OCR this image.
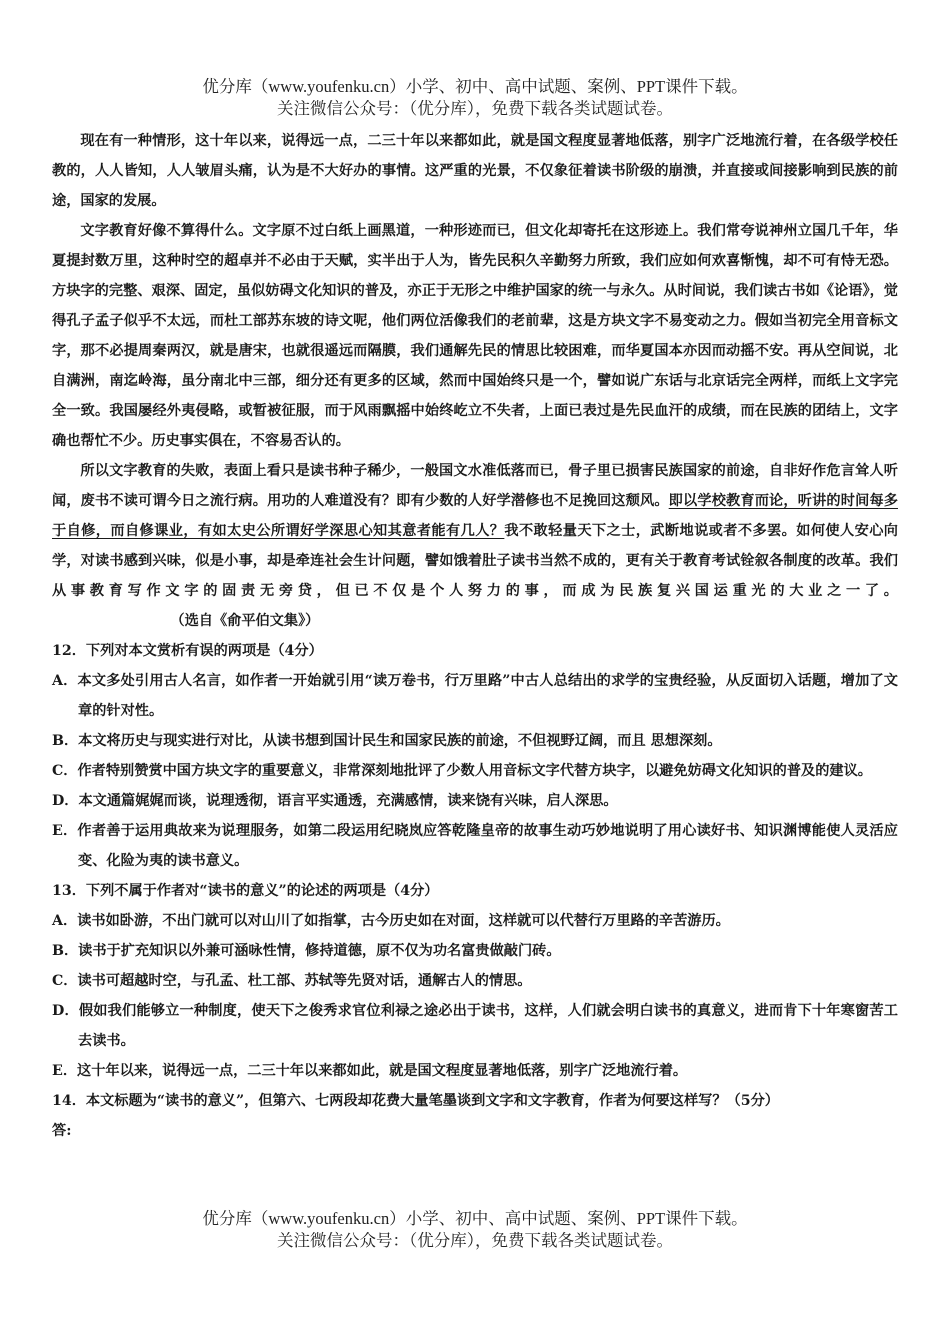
优分库（www.youfenku.cn）小学、初中、高中试题、案例、PPT课件下载。
关注微信公众号：（优分库），免费下载各类试题试卷。

现在有一种情形，这十年以来，说得远一点，二三十年以来都如此，就是国文程度显著地低落，别字广泛地流行着，在各级学校任教的，人人皆知，人人皱眉头痛，认为是不大好办的事情。这严重的光景，不仅象征着读书阶级的崩溃，并直接或间接影响到民族的前途，国家的发展。

文字教育好像不算得什么。文字原不过白纸上画黑道，一种形迹而已，但文化却寄托在这形迹上。我们常夸说神州立国几千年，华夏提封数万里，这种时空的超卓并不必由于天赋，实半出于人为，皆先民积久辛勤努力所致，我们应如何欢喜惭愧，却不可有恃无恐。方块字的完整、艰深、固定，虽似妨碍文化知识的普及，亦正于无形之中维护国家的统一与永久。从时间说，我们读古书如《论语》，觉得孔子孟子似乎不太远，而杜工部苏东坡的诗文呢，他们两位活像我们的老前辈，这是方块文字不易变动之力。假如当初完全用音标文字，那不必提周秦两汉，就是唐宋，也就很遥远而隔膜，我们通解先民的情思比较困难，而华夏国本亦因而动摇不安。再从空间说，北自满洲，南迄岭海，虽分南北中三部，细分还有更多的区域，然而中国始终只是一个，譬如说广东话与北京话完全两样，而纸上文字完全一致。我国屡经外夷侵略，或暂被征服，而于风雨飘摇中始终屹立不失者，上面已表过是先民血汗的成绩，而在民族的团结上，文字确也帮忙不少。历史事实俱在，不容易否认的。

所以文字教育的失败，表面上看只是读书种子稀少，一般国文水准低落而已，骨子里已损害民族国家的前途，自非好作危言耸人听闻，废书不读可谓今日之流行病。用功的人难道没有？即有少数的人好学潜修也不足挽回这颓风。即以学校教育而论，听讲的时间每多于自修，而自修课业，有如太史公所谓好学深思心知其意者能有几人？我不敢轻量天下之士，武断地说或者不多罢。如何使人安心向学，对读书感到兴味，似是小事，却是牵连社会生计问题，譬如饿着肚子读书当然不成的，更有关于教育考试铨叙各制度的改革。我们从事教育写作文字的固责无旁贷，但已不仅是个人努力的事，而成为民族复兴国运重光的大业之一了。（选自《俞平伯文集》）

12．下列对本文赏析有误的两项是（4分）

A．本文多处引用古人名言，如作者一开始就引用“读万卷书，行万里路”中古人总结出的求学的宝贵经验，从反面切入话题，增加了文章的针对性。

B．本文将历史与现实进行对比，从读书想到国计民生和国家民族的前途，不但视野辽阔，而且 思想深刻。

C．作者特别赞赏中国方块文字的重要意义，非常深刻地批评了少数人用音标文字代替方块字，以避免妨碍文化知识的普及的建议。

D．本文通篇娓娓而谈，说理透彻，语言平实通透，充满感情，读来饶有兴味，启人深思。

E．作者善于运用典故来为说理服务，如第二段运用纪晓岚应答乾隆皇帝的故事生动巧妙地说明了用心读好书、知识渊博能使人灵活应变、化险为夷的读书意义。

13．下列不属于作者对“读书的意义”的论述的两项是（4分）

A．读书如卧游，不出门就可以对山川了如指掌，古今历史如在对面，这样就可以代替行万里路的辛苦游历。

B．读书于扩充知识以外兼可涵咏性情，修持道德，原不仅为功名富贵做敲门砖。

C．读书可超越时空，与孔孟、杜工部、苏轼等先贤对话，通解古人的情思。

D．假如我们能够立一种制度，使天下之俊秀求官位利禄之途必出于读书，这样，人们就会明白读书的真意义，进而肯下十年寒窗苦工去读书。

E．这十年以来，说得远一点，二三十年以来都如此，就是国文程度显著地低落，别字广泛地流行着。

14．本文标题为“读书的意义”，但第六、七两段却花费大量笔墨谈到文字和文字教育，作者为何要这样写？（5分）

答:

优分库（www.youfenku.cn）小学、初中、高中试题、案例、PPT课件下载。
关注微信公众号：（优分库），免费下载各类试题试卷。
